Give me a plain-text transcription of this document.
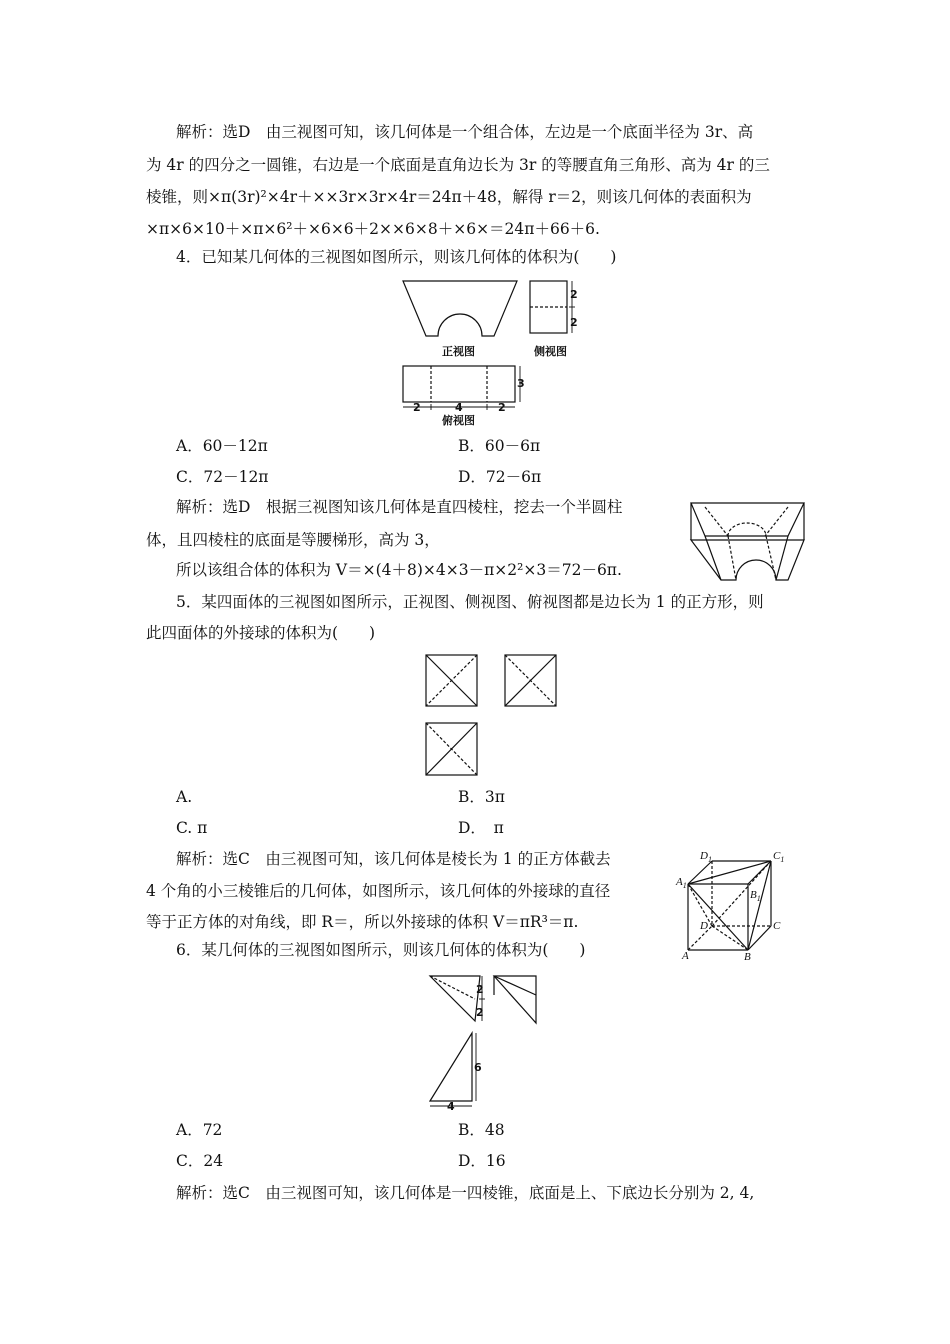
解析：选D　由三视图可知，该几何体是一个组合体，左边是一个底面半径为 3r、高
为 4r 的四分之一圆锥，右边是一个底面是直角边长为 3r 的等腰直角三角形、高为 4r 的三
棱锥，则×π(3r)²×4r＋××3r×3r×4r＝24π＋48，解得 r＝2，则该几何体的表面积为
×π×6×10＋×π×6²＋×6×6＋2××6×8＋×6×＝24π＋66＋6.
4．已知某几何体的三视图如图所示，则该几何体的体积为(　　)
正视图
2
2
侧视图
3
2	4	2
俯视图
A．60－12π	B．60－6π
C．72－12π	D．72－6π
解析：选D　根据三视图知该几何体是直四棱柱，挖去一个半圆柱
体，且四棱柱的底面是等腰梯形，高为 3，
所以该组合体的体积为 V＝×(4＋8)×4×3－π×2²×3＝72－6π.
5．某四面体的三视图如图所示，正视图、侧视图、俯视图都是边长为 1 的正方形，则
此四面体的外接球的体积为(　　)
A.	B．3π
C. π	D．　π
解析：选C　由三视图可知，该几何体是棱长为 1 的正方体截去
4 个角的小三棱锥后的几何体，如图所示，该几何体的外接球的直径
等于正方体的对角线，即 R＝，所以外接球的体积 V＝πR³＝π.
$D_1$	$C_1$
$A_1$
$B_1$
D	C
A	B
6．某几何体的三视图如图所示，则该几何体的体积为(　　)
2
2
6
4
A．72	B．48
C．24	D．16
解析：选C　由三视图可知，该几何体是一四棱锥，底面是上、下底边长分别为 2, 4,
